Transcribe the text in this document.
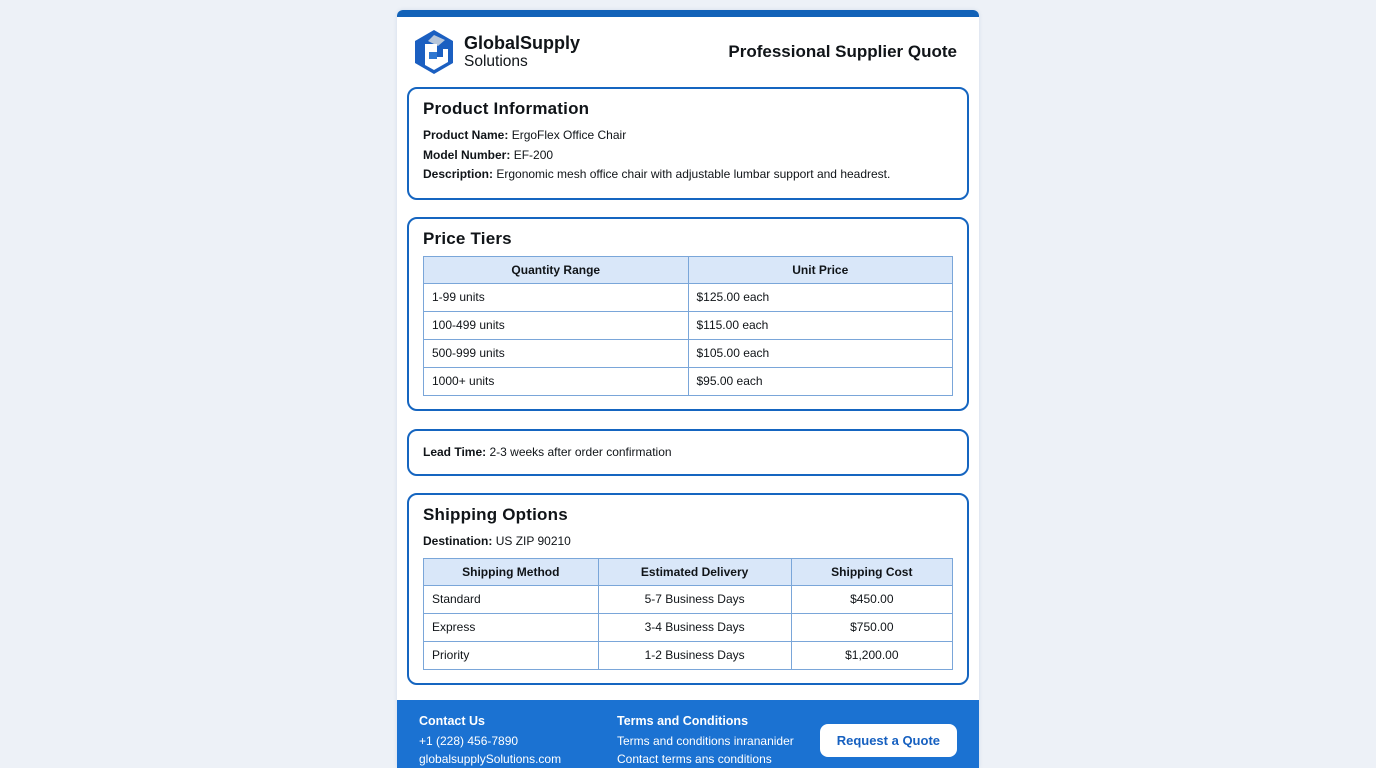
GlobalSupply
Solutions
Professional Supplier Quote
Product Information
Product Name: ErgoFlex Office Chair
Model Number: EF-200
Description: Ergonomic mesh office chair with adjustable lumbar support and headrest.
Price Tiers
Quantity Range	Unit Price
1-99 units	$125.00 each
100-499 units	$115.00 each
500-999 units	$105.00 each
1000+ units	$95.00 each
Lead Time: 2-3 weeks after order confirmation
Shipping Options
Destination: US ZIP 90210
Shipping Method	Estimated Delivery	Shipping Cost
Standard	5-7 Business Days	$450.00
Express	3-4 Business Days	$750.00
Priority	1-2 Business Days	$1,200.00
Contact Us

+1 (228) 456-7890

globalsupplySolutions.com

Terms and Conditions

Terms and conditions inrananider

Contact terms ans conditions

Request a Quote
